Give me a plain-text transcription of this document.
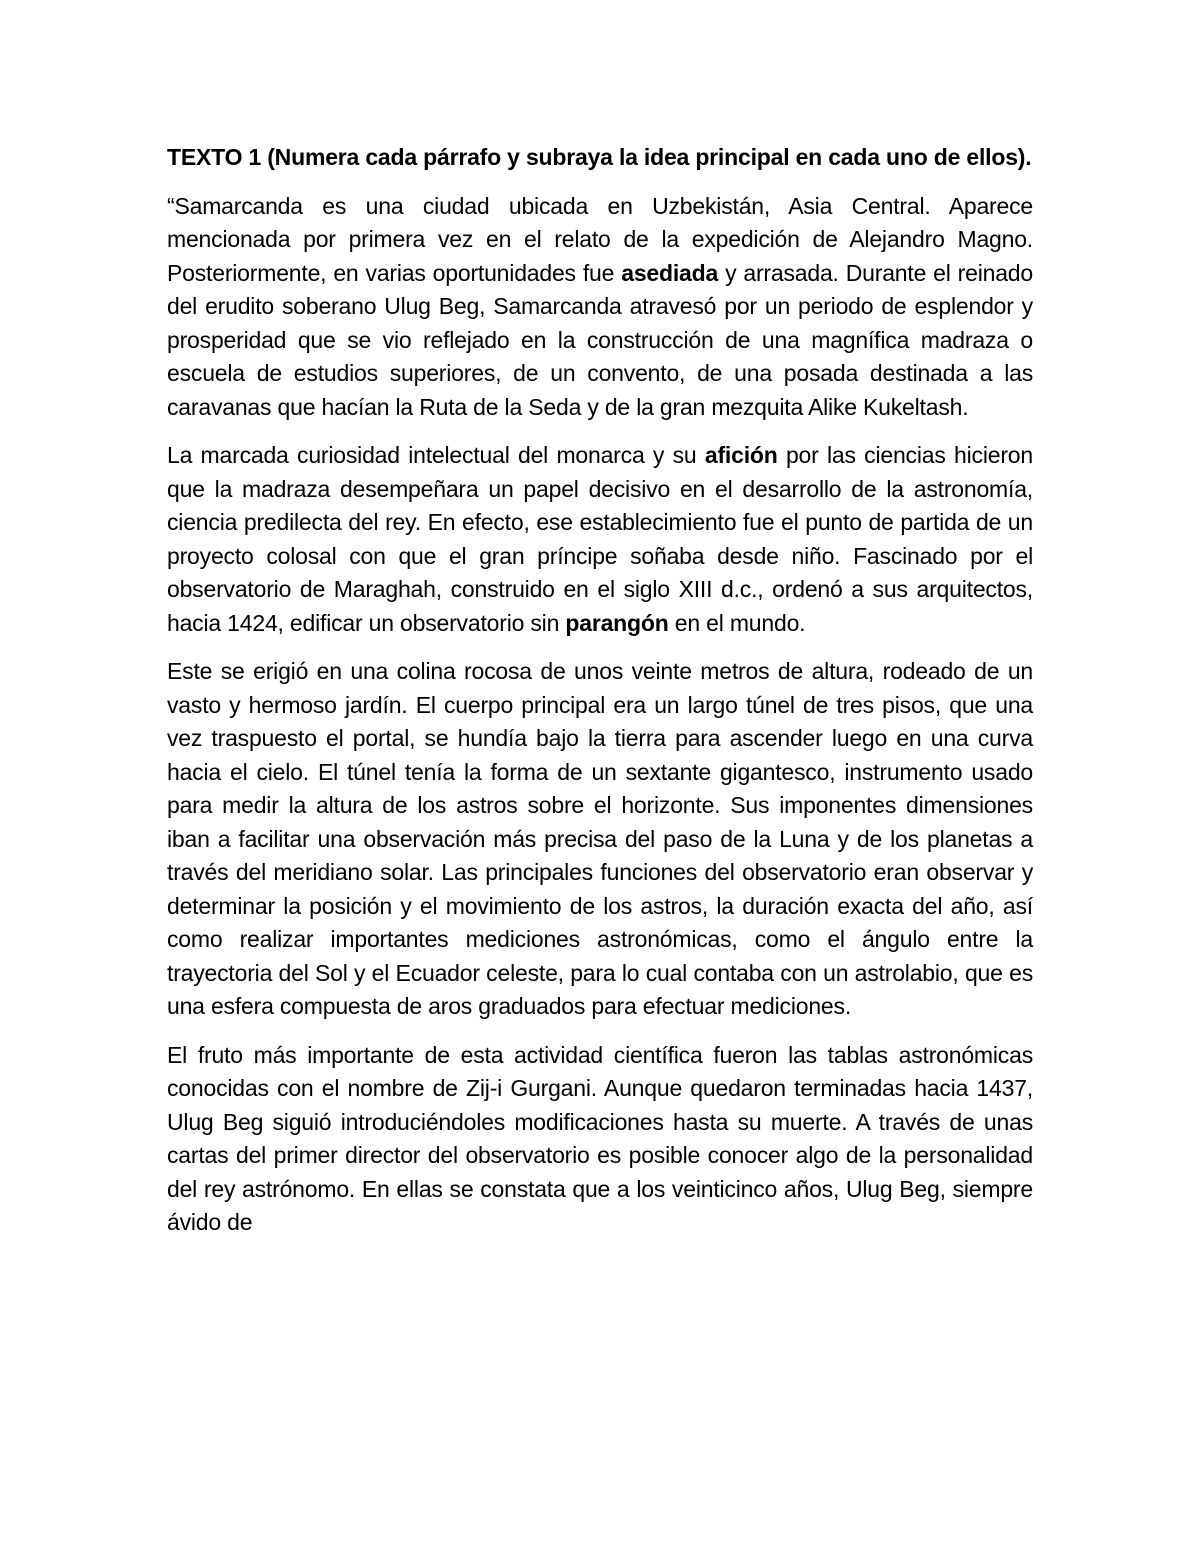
TEXTO 1 (Numera cada párrafo y subraya la idea principal en cada uno de ellos).

“Samarcanda es una ciudad ubicada en Uzbekistán, Asia Central. Aparece mencionada por primera vez en el relato de la expedición de Alejandro Magno. Posteriormente, en varias oportunidades fue asediada y arrasada. Durante el reinado del erudito soberano Ulug Beg, Samarcanda atravesó por un periodo de esplendor y prosperidad que se vio reflejado en la construcción de una magnífica madraza o escuela de estudios superiores, de un convento, de una posada destinada a las caravanas que hacían la Ruta de la Seda y de la gran mezquita Alike Kukeltash.

La marcada curiosidad intelectual del monarca y su afición por las ciencias hicieron que la madraza desempeñara un papel decisivo en el desarrollo de la astronomía, ciencia predilecta del rey. En efecto, ese establecimiento fue el punto de partida de un proyecto colosal con que el gran príncipe soñaba desde niño. Fascinado por el observatorio de Maraghah, construido en el siglo XIII d.c., ordenó a sus arquitectos, hacia 1424, edificar un observatorio sin parangón en el mundo.

Este se erigió en una colina rocosa de unos veinte metros de altura, rodeado de un vasto y hermoso jardín. El cuerpo principal era un largo túnel de tres pisos, que una vez traspuesto el portal, se hundía bajo la tierra para ascender luego en una curva hacia el cielo. El túnel tenía la forma de un sextante gigantesco, instrumento usado para medir la altura de los astros sobre el horizonte. Sus imponentes dimensiones iban a facilitar una observación más precisa del paso de la Luna y de los planetas a través del meridiano solar. Las principales funciones del observatorio eran observar y determinar la posición y el movimiento de los astros, la duración exacta del año, así como realizar importantes mediciones astronómicas, como el ángulo entre la trayectoria del Sol y el Ecuador celeste, para lo cual contaba con un astrolabio, que es una esfera compuesta de aros graduados para efectuar mediciones.

El fruto más importante de esta actividad científica fueron las tablas astronómicas conocidas con el nombre de Zij-i Gurgani. Aunque quedaron terminadas hacia 1437, Ulug Beg siguió introduciéndoles modificaciones hasta su muerte. A través de unas cartas del primer director del observatorio es posible conocer algo de la personalidad del rey astrónomo. En ellas se constata que a los veinticinco años, Ulug Beg, siempre ávido de
